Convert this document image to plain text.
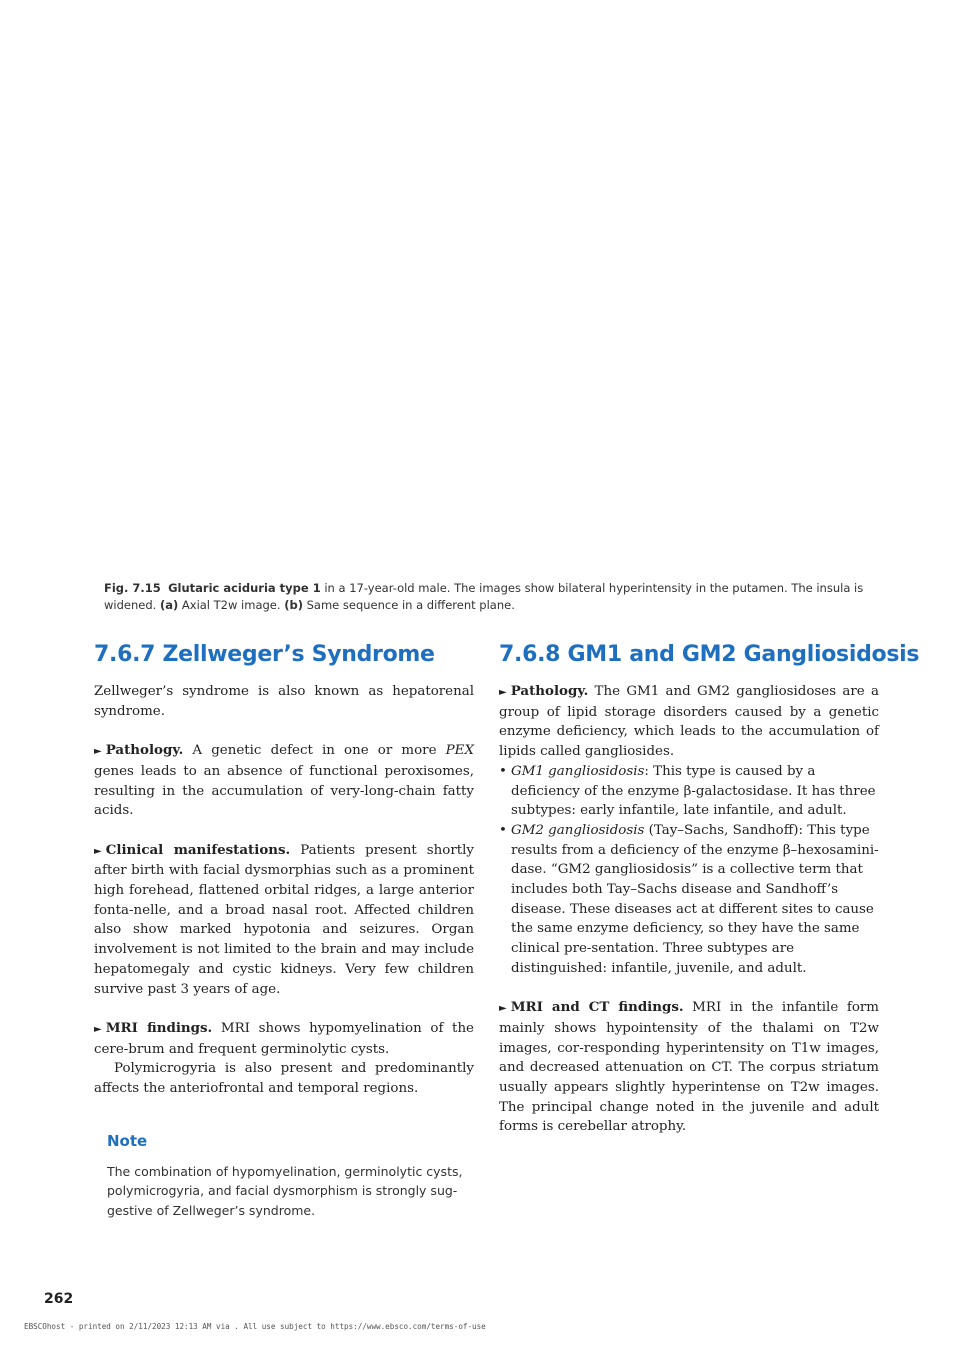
Fig. 7.15 Glutaric aciduria type 1 in a 17-year-old male. The images show bilateral hyperintensity in the putamen. The insula is widened. (a) Axial T2w image. (b) Same sequence in a different plane.
7.6.7 Zellweger’s Syndrome

Zellweger’s syndrome is also known as hepatorenal syndrome.

► Pathology. A genetic defect in one or more PEX genes leads to an absence of functional peroxisomes, resulting in the accumulation of very-long-chain fatty acids.

► Clinical manifestations. Patients present shortly after birth with facial dysmorphias such as a prominent high forehead, flattened orbital ridges, a large anterior fonta-nelle, and a broad nasal root. Affected children also show marked hypotonia and seizures. Organ involvement is not limited to the brain and may include hepatomegaly and cystic kidneys. Very few children survive past 3 years of age.

► MRI findings. MRI shows hypomyelination of the cere-brum and frequent germinolytic cysts.

Polymicrogyria is also present and predominantly affects the anteriofrontal and temporal regions.

Note
The combination of hypomyelination, germinolytic cysts, polymicrogyria, and facial dysmorphism is strongly sug-gestive of Zellweger’s syndrome.
7.6.8 GM1 and GM2 Gangliosidosis

► Pathology. The GM1 and GM2 gangliosidoses are a group of lipid storage disorders caused by a genetic enzyme deficiency, which leads to the accumulation of lipids called gangliosides.

• GM1 gangliosidosis: This type is caused by a deficiency of the enzyme β-galactosidase. It has three subtypes: early infantile, late infantile, and adult.
• GM2 gangliosidosis (Tay–Sachs, Sandhoff): This type results from a deficiency of the enzyme β–hexosamini-dase. “GM2 gangliosidosis” is a collective term that includes both Tay–Sachs disease and Sandhoff’s disease. These diseases act at different sites to cause the same enzyme deficiency, so they have the same clinical pre-sentation. Three subtypes are distinguished: infantile, juvenile, and adult.

► MRI and CT findings. MRI in the infantile form mainly shows hypointensity of the thalami on T2w images, cor-responding hyperintensity on T1w images, and decreased attenuation on CT. The corpus striatum usually appears slightly hyperintense on T2w images. The principal change noted in the juvenile and adult forms is cerebellar atrophy.

262
EBSCOhost - printed on 2/11/2023 12:13 AM via . All use subject to https://www.ebsco.com/terms-of-use
